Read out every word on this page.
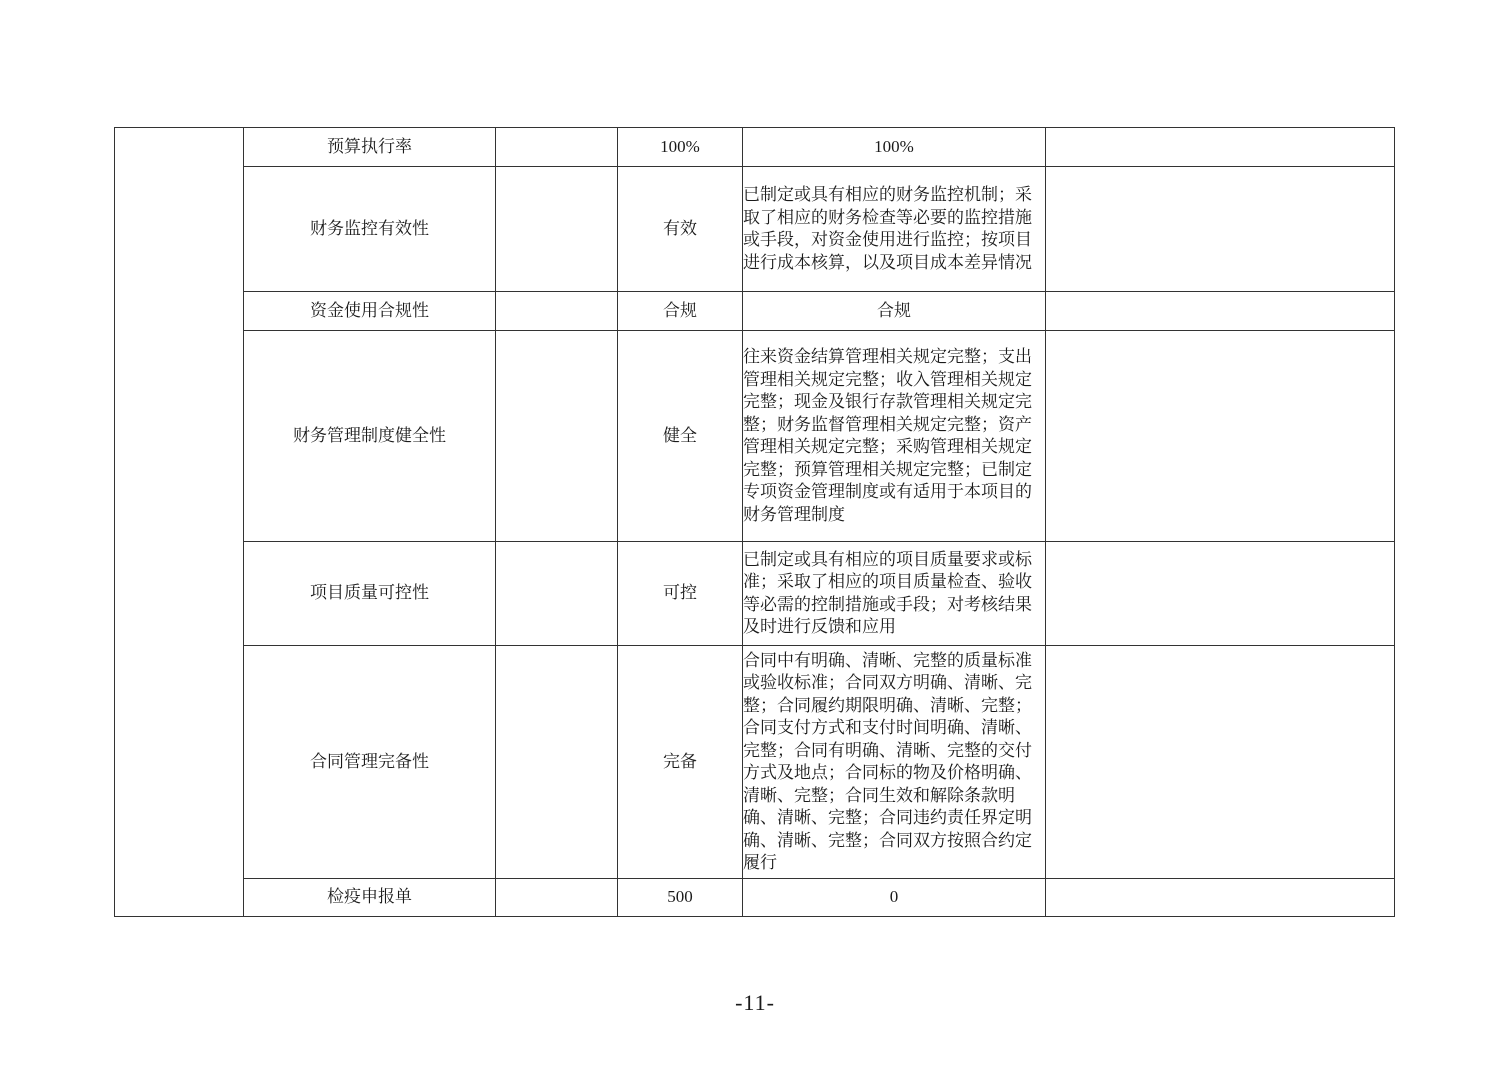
	预算执行率		100%	100%	
	财务监控有效性		有效	已制定或具有相应的财务监控机制；采取了相应的财务检查等必要的监控措施或手段，对资金使用进行监控；按项目进行成本核算，以及项目成本差异情况	
	资金使用合规性		合规	合规	
	财务管理制度健全性		健全	往来资金结算管理相关规定完整；支出管理相关规定完整；收入管理相关规定完整；现金及银行存款管理相关规定完整；财务监督管理相关规定完整；资产管理相关规定完整；采购管理相关规定完整；预算管理相关规定完整；已制定专项资金管理制度或有适用于本项目的财务管理制度	
	项目质量可控性		可控	已制定或具有相应的项目质量要求或标准；采取了相应的项目质量检查、验收等必需的控制措施或手段；对考核结果及时进行反馈和应用	
	合同管理完备性		完备	合同中有明确、清晰、完整的质量标准或验收标准；合同双方明确、清晰、完整；合同履约期限明确、清晰、完整；合同支付方式和支付时间明确、清晰、完整；合同有明确、清晰、完整的交付方式及地点；合同标的物及价格明确、清晰、完整；合同生效和解除条款明确、清晰、完整；合同违约责任界定明确、清晰、完整；合同双方按照合约定履行	
	检疫申报单		500	0	
-11-
